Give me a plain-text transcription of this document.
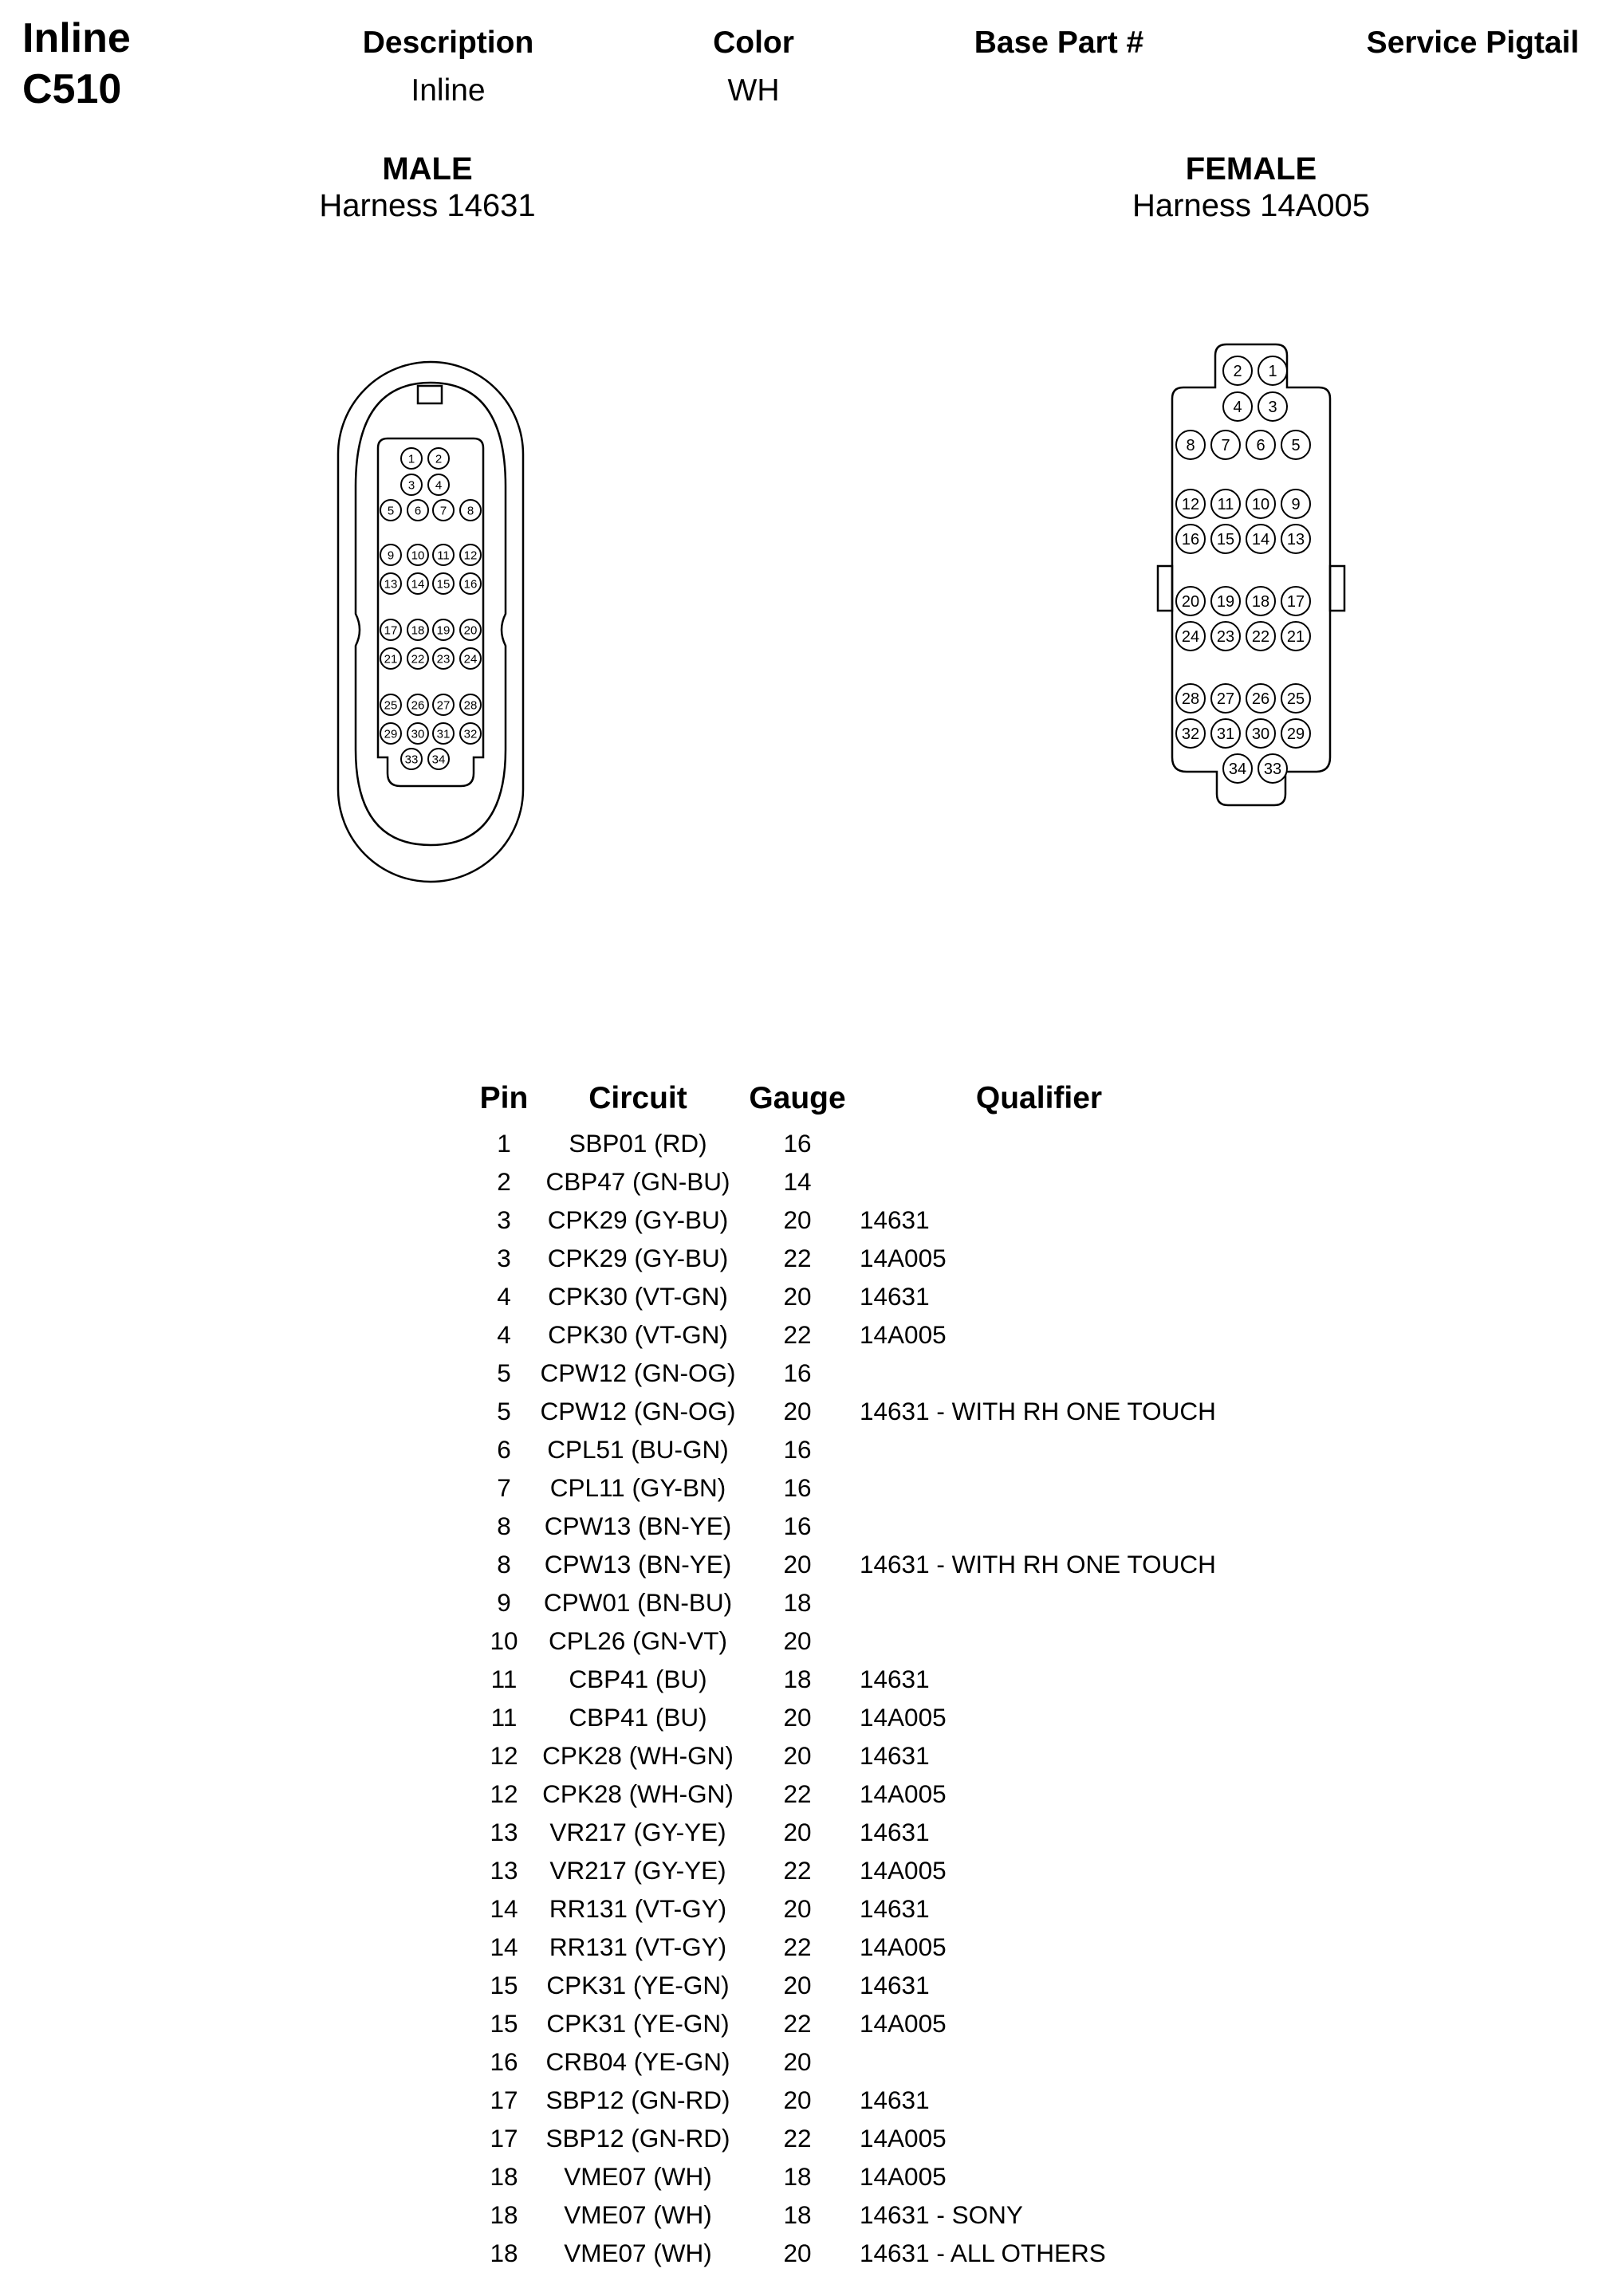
Inline
C510
Description
Inline
Color
WH
Base Part #	Service Pigtail
MALE
Harness 14631
FEMALE
Harness 14A005
1 2
3 4
5 6 7 8
9 10 11 12
13 14 15 16
17 18 19 20
21 22 23 24
25 26 27 28
29 30 31 32
33 34
2 1
4 3
8 7 6 5
12 11 10 9
16 15 14 13
20 19 18 17
24 23 22 21
28 27 26 25
32 31 30 29
34 33
Pin Circuit Gauge	Qualifier
1 SBP01 (RD)	16
2 CBP47 (GN-BU) 14
3 CPK29 (GY-BU) 20 14631
3 CPK29 (GY-BU) 22 14A005
4 CPK30 (VT-GN) 20 14631
4 CPK30 (VT-GN) 22 14A005
5 CPW12 (GN-OG) 16
5 CPW12 (GN-OG) 20 14631 - WITH RH ONE TOUCH
6 CPL51 (BU-GN) 16
7 CPL11 (GY-BN) 16
8 CPW13 (BN-YE) 16
8 CPW13 (BN-YE) 20 14631 - WITH RH ONE TOUCH
9 CPW01 (BN-BU) 18
10 CPL26 (GN-VT) 20
11 CBP41 (BU)	18 14631
11 CBP41 (BU)	20 14A005
12 CPK28 (WH-GN) 20 14631
12 CPK28 (WH-GN) 22 14A005
13 VR217 (GY-YE) 20 14631
13 VR217 (GY-YE) 22 14A005
14 RR131 (VT-GY) 20 14631
14 RR131 (VT-GY) 22 14A005
15 CPK31 (YE-GN) 20 14631
15 CPK31 (YE-GN) 22 14A005
16 CRB04 (YE-GN) 20
17 SBP12 (GN-RD) 20 14631
17 SBP12 (GN-RD) 22 14A005
18 VME07 (WH)	18 14A005
18 VME07 (WH)	18 14631 - SONY
18 VME07 (WH)	20 14631 - ALL OTHERS
